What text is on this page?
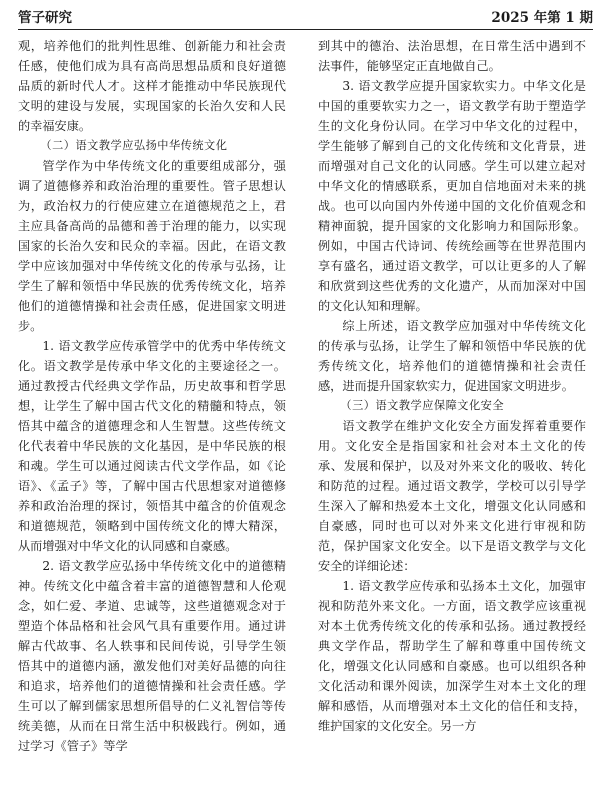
管子研究	2025 年第 1 期

观，培养他们的批判性思维、创新能力和社会责任感，使他们成为具有高尚思想品质和良好道德品质的新时代人才。这样才能推动中华民族现代文明的建设与发展，实现国家的长治久安和人民的幸福安康。

（二）语文教学应弘扬中华传统文化

管学作为中华传统文化的重要组成部分，强调了道德修养和政治治理的重要性。管子思想认为，政治权力的行使应建立在道德规范之上，君主应具备高尚的品德和善于治理的能力，以实现国家的长治久安和民众的幸福。因此，在语文教学中应该加强对中华传统文化的传承与弘扬，让学生了解和领悟中华民族的优秀传统文化，培养他们的道德情操和社会责任感，促进国家文明进步。

1. 语文教学应传承管学中的优秀中华传统文化。语文教学是传承中华文化的主要途径之一。通过教授古代经典文学作品，历史故事和哲学思想，让学生了解中国古代文化的精髓和特点，领悟其中蕴含的道德理念和人生智慧。这些传统文化代表着中华民族的文化基因，是中华民族的根和魂。学生可以通过阅读古代文学作品，如《论语》、《孟子》等，了解中国古代思想家对道德修养和政治治理的探讨，领悟其中蕴含的价值观念和道德规范，领略到中国传统文化的博大精深，从而增强对中华文化的认同感和自豪感。

2. 语文教学应弘扬中华传统文化中的道德精神。传统文化中蕴含着丰富的道德智慧和人伦观念，如仁爱、孝道、忠诚等，这些道德观念对于塑造个体品格和社会风气具有重要作用。通过讲解古代故事、名人轶事和民间传说，引导学生领悟其中的道德内涵，激发他们对美好品德的向往和追求，培养他们的道德情操和社会责任感。学生可以了解到儒家思想所倡导的仁义礼智信等传统美德，从而在日常生活中积极践行。例如，通过学习《管子》等学

到其中的德治、法治思想，在日常生活中遇到不法事件，能够坚定正直地做自己。

3. 语文教学应提升国家软实力。中华文化是中国的重要软实力之一，语文教学有助于塑造学生的文化身份认同。在学习中华文化的过程中，学生能够了解到自己的文化传统和文化背景，进而增强对自己文化的认同感。学生可以建立起对中华文化的情感联系，更加自信地面对未来的挑战。也可以向国内外传递中国的文化价值观念和精神面貌，提升国家的文化影响力和国际形象。例如，中国古代诗词、传统绘画等在世界范围内享有盛名，通过语文教学，可以让更多的人了解和欣赏到这些优秀的文化遗产，从而加深对中国的文化认知和理解。

综上所述，语文教学应加强对中华传统文化的传承与弘扬，让学生了解和领悟中华民族的优秀传统文化，培养他们的道德情操和社会责任感，进而提升国家软实力，促进国家文明进步。

（三）语文教学应保障文化安全

语文教学在维护文化安全方面发挥着重要作用。文化安全是指国家和社会对本土文化的传承、发展和保护，以及对外来文化的吸收、转化和防范的过程。通过语文教学，学校可以引导学生深入了解和热爱本土文化，增强文化认同感和自豪感，同时也可以对外来文化进行审视和防范，保护国家文化安全。以下是语文教学与文化安全的详细论述：

1. 语文教学应传承和弘扬本土文化，加强审视和防范外来文化。一方面，语文教学应该重视对本土优秀传统文化的传承和弘扬。通过教授经典文学作品，帮助学生了解和尊重中国传统文化，增强文化认同感和自豪感。也可以组织各种文化活动和课外阅读，加深学生对本土文化的理解和感悟，从而增强对本土文化的信任和支持，维护国家的文化安全。另一方
